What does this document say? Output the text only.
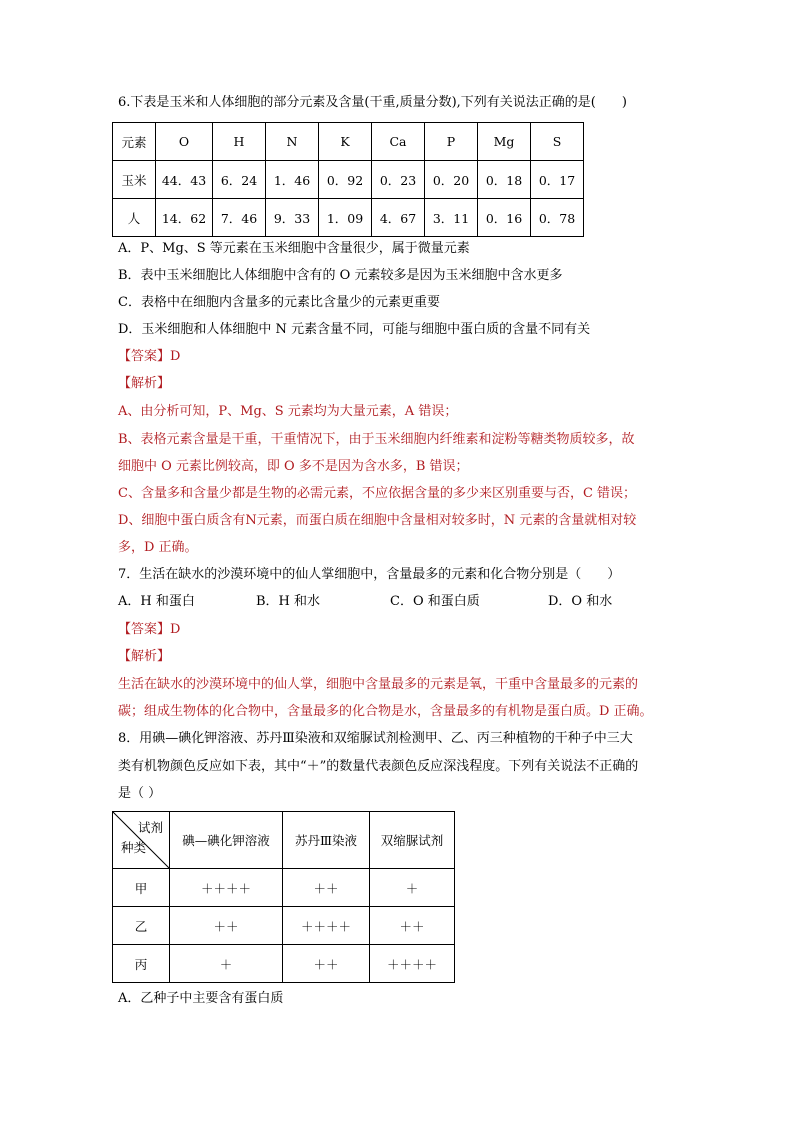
6.下表是玉米和人体细胞的部分元素及含量(干重,质量分数),下列有关说法正确的是(　　)
元素	O	H	N	K	Ca	P	Mg	S
玉米	44．43	6．24	1．46	0．92	0．23	0．20	0．18	0．17
人	14．62	7．46	9．33	1．09	4．67	3．11	0．16	0．78
A．P、Mg、S 等元素在玉米细胞中含量很少，属于微量元素
B．表中玉米细胞比人体细胞中含有的 O 元素较多是因为玉米细胞中含水更多
C．表格中在细胞内含量多的元素比含量少的元素更重要
D．玉米细胞和人体细胞中 N 元素含量不同，可能与细胞中蛋白质的含量不同有关
【答案】D
【解析】
A、由分析可知，P、Mg、S 元素均为大量元素，A 错误；
B、表格元素含量是干重，干重情况下，由于玉米细胞内纤维素和淀粉等糖类物质较多，故
细胞中 O 元素比例较高，即 O 多不是因为含水多，B 错误；
C、含量多和含量少都是生物的必需元素，不应依据含量的多少来区别重要与否，C 错误；
D、细胞中蛋白质含有N元素，而蛋白质在细胞中含量相对较多时，N 元素的含量就相对较
多，D 正确。
7．生活在缺水的沙漠环境中的仙人掌细胞中，含量最多的元素和化合物分别是（　　）
A．H 和蛋白	B．H 和水	C．O 和蛋白质	D．O 和水
【答案】D
【解析】
生活在缺水的沙漠环境中的仙人掌，细胞中含量最多的元素是氧，干重中含量最多的元素的
碳；组成生物体的化合物中，含量最多的化合物是水，含量最多的有机物是蛋白质。D 正确。
8．用碘—碘化钾溶液、苏丹Ⅲ染液和双缩脲试剂检测甲、乙、丙三种植物的干种子中三大
类有机物颜色反应如下表，其中“＋”的数量代表颜色反应深浅程度。下列有关说法不正确的
是（ ）
试剂
种类	碘—碘化钾溶液	苏丹Ⅲ染液	双缩脲试剂
甲	＋＋＋＋	＋＋	＋
乙	＋＋	＋＋＋＋	＋＋
丙	＋	＋＋	＋＋＋＋
A．乙种子中主要含有蛋白质
